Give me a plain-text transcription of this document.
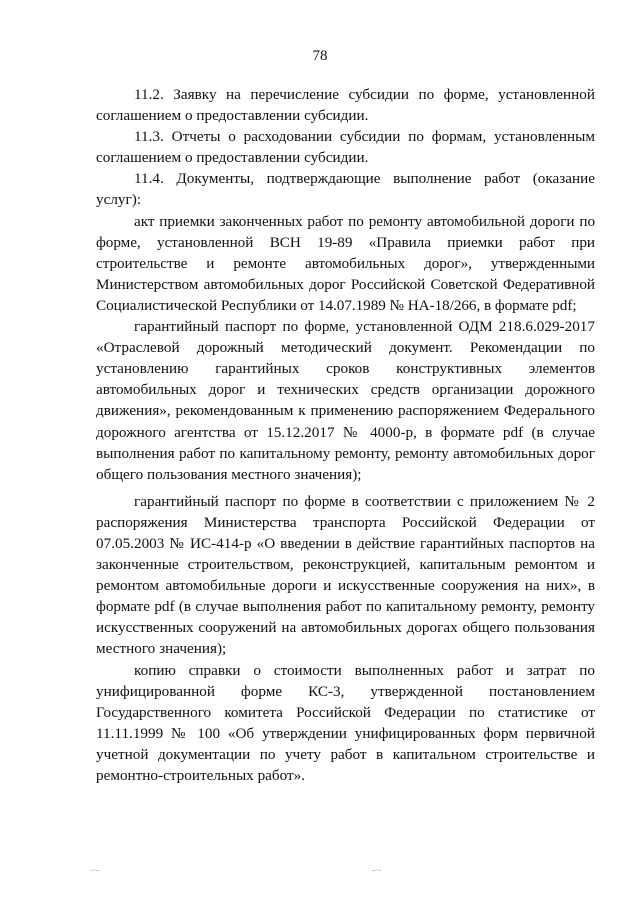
78

11.2. Заявку на перечисление субсидии по форме, установленной соглашением о предоставлении субсидии.

11.3. Отчеты о расходовании субсидии по формам, установленным соглашением о предоставлении субсидии.

11.4. Документы, подтверждающие выполнение работ (оказание услуг):

акт приемки законченных работ по ремонту автомобильной дороги по форме, установленной ВСН 19-89 «Правила приемки работ при строительстве и ремонте автомобильных дорог», утвержденными Министерством автомобильных дорог Российской Советской Федеративной Социалистической Республики от 14.07.1989 № НА-18/266, в формате pdf;

гарантийный паспорт по форме, установленной ОДМ 218.6.029-2017 «Отраслевой дорожный методический документ. Рекомендации по установлению гарантийных сроков конструктивных элементов автомобильных дорог и технических средств организации дорожного движения», рекомендованным к применению распоряжением Федерального дорожного агентства от 15.12.2017 № 4000-р, в формате pdf (в случае выполнения работ по капитальному ремонту, ремонту автомобильных дорог общего пользования местного значения);

гарантийный паспорт по форме в соответствии с приложением № 2 распоряжения Министерства транспорта Российской Федерации от 07.05.2003 № ИС-414-р «О введении в действие гарантийных паспортов на законченные строительством, реконструкцией, капитальным ремонтом и ремонтом автомобильные дороги и искусственные сооружения на них», в формате pdf (в случае выполнения работ по капитальному ремонту, ремонту искусственных сооружений на автомобильных дорогах общего пользования местного значения);

копию справки о стоимости выполненных работ и затрат по унифицированной форме КС-3, утвержденной постановлением Государственного комитета Российской Федерации по статистике от 11.11.1999 № 100 «Об утверждении унифицированных форм первичной учетной документации по учету работ в капитальном строительстве и ремонтно-строительных работ».

–·–	–·–
